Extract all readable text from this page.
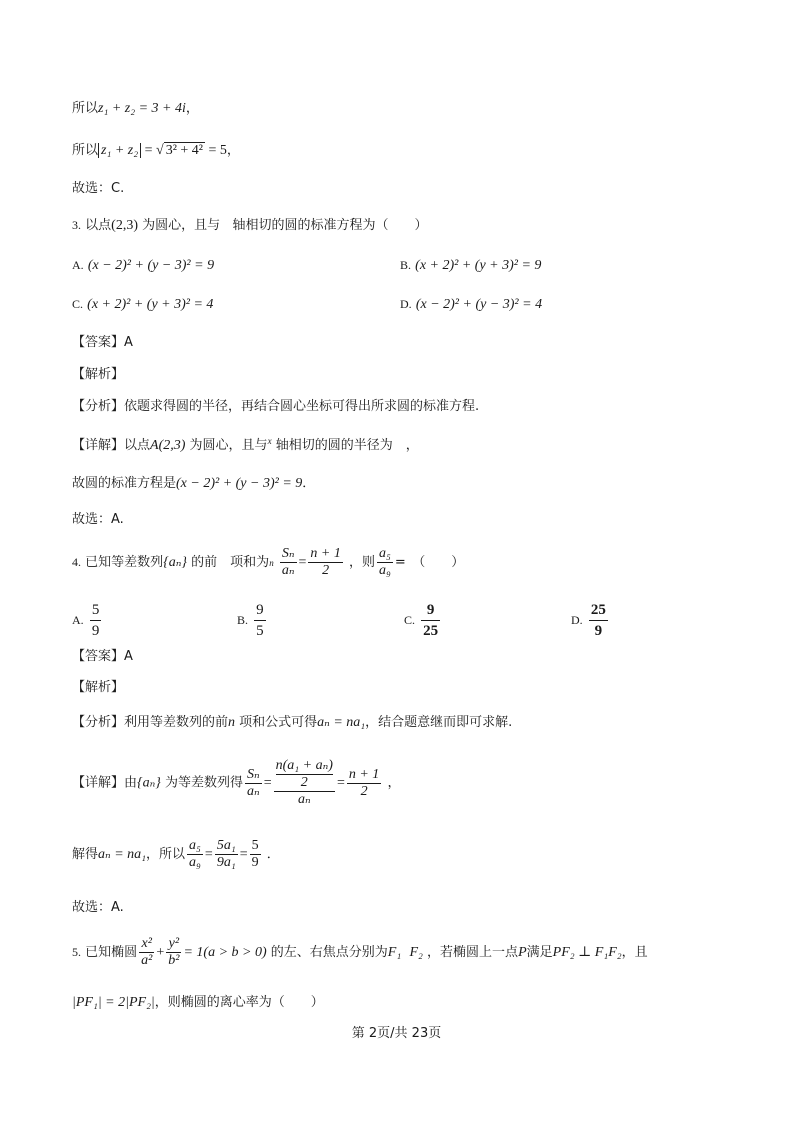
所以z₁ + z₂ = 3 + 4i，
所以 z₁ + z₂ = √ 3² + 4² = 5，
故选：C.
3. 以点(2,3) 为圆心，且与 轴相切的圆的标准方程为（　　）
A. (x − 2)² + (y − 3)² = 9	B. (x + 2)² + (y + 3)² = 9
C. (x + 2)² + (y + 3)² = 4	D. (x − 2)² + (y − 3)² = 4
【答案】A
【解析】
【分析】依题求得圆的半径，再结合圆心坐标可得出所求圆的标准方程.
【详解】以点A(2,3) 为圆心，且与$^x$ 轴相切的圆的半径为　，
故圆的标准方程是(x − 2)² + (y − 3)² = 9．
故选：A.
4. 已知等差数列{aₙ} 的前　项和为n $\frac{\text{Sₙ}}{\text{aₙ}} = \frac{n + 1}{2}$ ，则 $\frac{\text{a₅}}{\text{a₉}}$ =　（　　）
A. $\frac{5}{9}$	B. $\frac{9}{5}$	C. $\frac{9}{25}$	D. $\frac{25}{9}$
【答案】A
【解析】
【分析】利用等差数列的前n 项和公式可得aₙ = na₁，结合题意继而即可求解.
【详解】由{aₙ} 为等差数列得 $\frac{\text{Sₙ}}{\text{aₙ}} = n(a_1 + a_n)$
2
$a_n = \frac{n + 1}{2}$ ，
解得aₙ = na₁，所以 $\frac{\text{a₅}}{\text{a₉}} = \frac{\text{5a₁}}{\text{9a₁}} = \frac{5}{9}$ ．
故选：A.
5. 已知椭圆 $\frac{\text{x²}}{\text{a²}} + \frac{\text{y²}}{\text{b²}} = 1(a > b > 0)$ 的左、右焦点分别为F₁ F₂ ，若椭圆上一点P满足PF₂ ⊥ F₁F₂，且
|PF₁| = 2|PF₂|，则椭圆的离心率为（　　）
第 2页/共 23页
